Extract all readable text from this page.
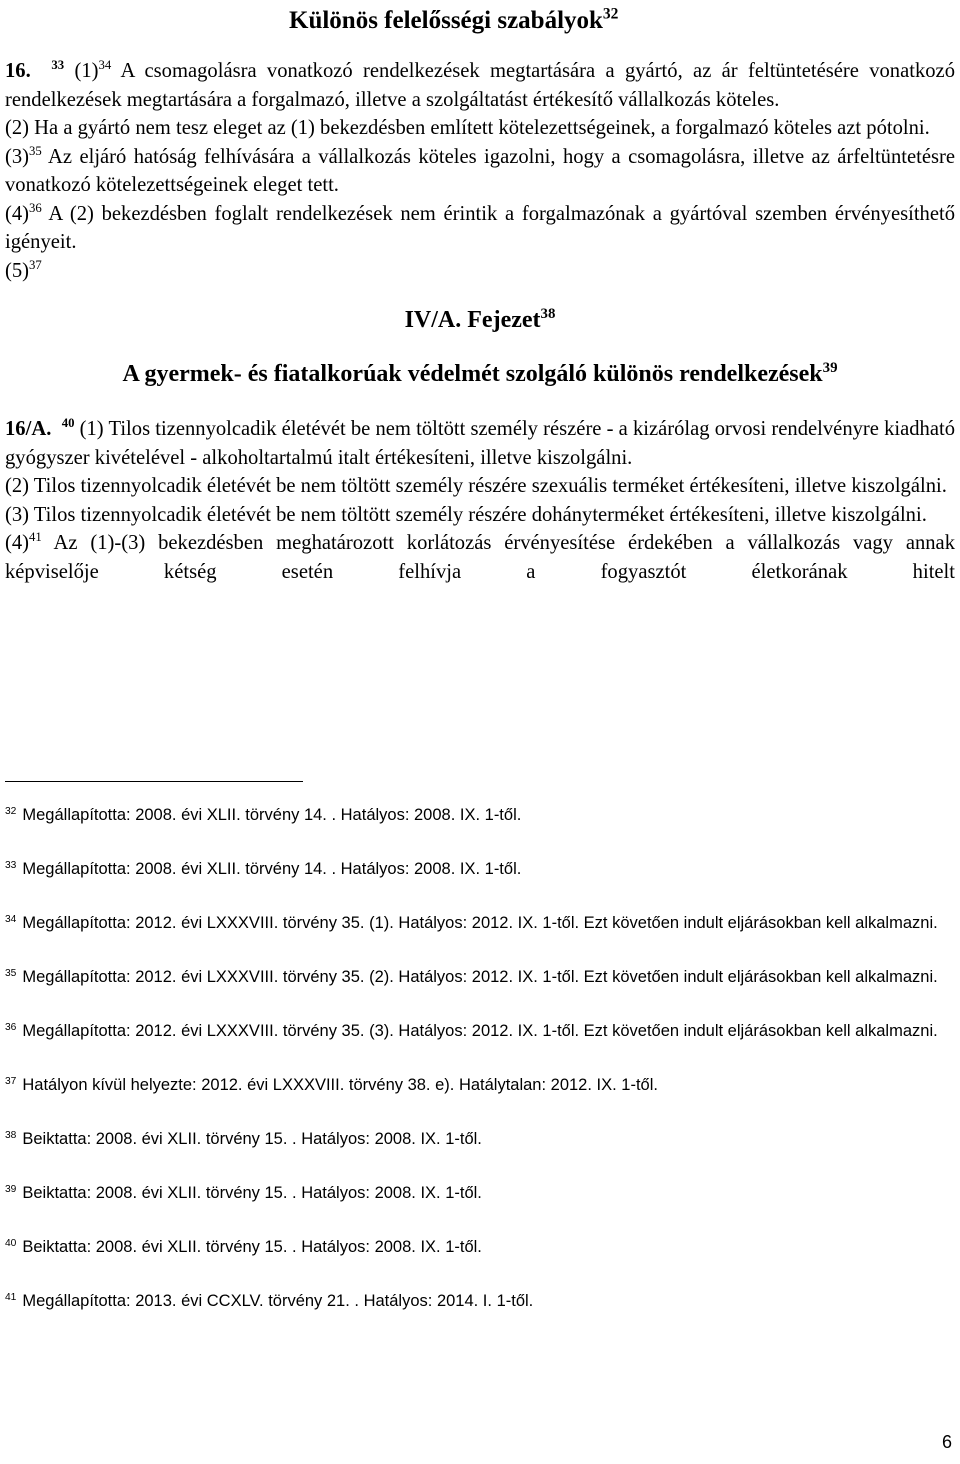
Különös felelősségi szabályok$^{32}$

16. $^{33}$ $(1)^{34}$ A csomagolásra vonatkozó rendelkezések megtartására a gyártó, az ár feltüntetésére vonatkozó rendelkezések megtartására a forgalmazó, illetve a szolgáltatást értékesítő vállalkozás köteles.

(2) Ha a gyártó nem tesz eleget az (1) bekezdésben említett kötelezettségeinek, a forgalmazó köteles azt pótolni.

$(3)^{35}$ Az eljáró hatóság felhívására a vállalkozás köteles igazolni, hogy a csomagolásra, illetve az árfeltüntetésre vonatkozó kötelezettségeinek eleget tett.

$(4)^{36}$ A (2) bekezdésben foglalt rendelkezések nem érintik a forgalmazónak a gyártóval szemben érvényesíthető igényeit.

$(5)^{37}$

IV/A. Fejezet$^{38}$
A gyermek- és fiatalkorúak védelmét szolgáló különös rendelkezések$^{39}$

16/A. $^{40}$ (1) Tilos tizennyolcadik életévét be nem töltött személy részére - a kizárólag orvosi rendelvényre kiadható gyógyszer kivételével - alkoholtartalmú italt értékesíteni, illetve kiszolgálni.

(2) Tilos tizennyolcadik életévét be nem töltött személy részére szexuális terméket értékesíteni, illetve kiszolgálni.

(3) Tilos tizennyolcadik életévét be nem töltött személy részére dohányterméket értékesíteni, illetve kiszolgálni.

$(4)^{41}$ Az (1)-(3) bekezdésben meghatározott korlátozás érvényesítése érdekében a vállalkozás vagy annak képviselője kétség esetén felhívja a fogyasztót életkorának hitelt

$^{32}$ Megállapította: 2008. évi XLII. törvény 14. . Hatályos: 2008. IX. 1-től.

$^{33}$ Megállapította: 2008. évi XLII. törvény 14. . Hatályos: 2008. IX. 1-től.

$^{34}$ Megállapította: 2012. évi LXXXVIII. törvény 35. (1). Hatályos: 2012. IX. 1-től. Ezt követően indult eljárásokban kell alkalmazni.

$^{35}$ Megállapította: 2012. évi LXXXVIII. törvény 35. (2). Hatályos: 2012. IX. 1-től. Ezt követően indult eljárásokban kell alkalmazni.

$^{36}$ Megállapította: 2012. évi LXXXVIII. törvény 35. (3). Hatályos: 2012. IX. 1-től. Ezt követően indult eljárásokban kell alkalmazni.

$^{37}$ Hatályon kívül helyezte: 2012. évi LXXXVIII. törvény 38. e). Hatálytalan: 2012. IX. 1-től.

$^{38}$ Beiktatta: 2008. évi XLII. törvény 15. . Hatályos: 2008. IX. 1-től.

$^{39}$ Beiktatta: 2008. évi XLII. törvény 15. . Hatályos: 2008. IX. 1-től.

$^{40}$ Beiktatta: 2008. évi XLII. törvény 15. . Hatályos: 2008. IX. 1-től.

$^{41}$ Megállapította: 2013. évi CCXLV. törvény 21. . Hatályos: 2014. I. 1-től.

6
